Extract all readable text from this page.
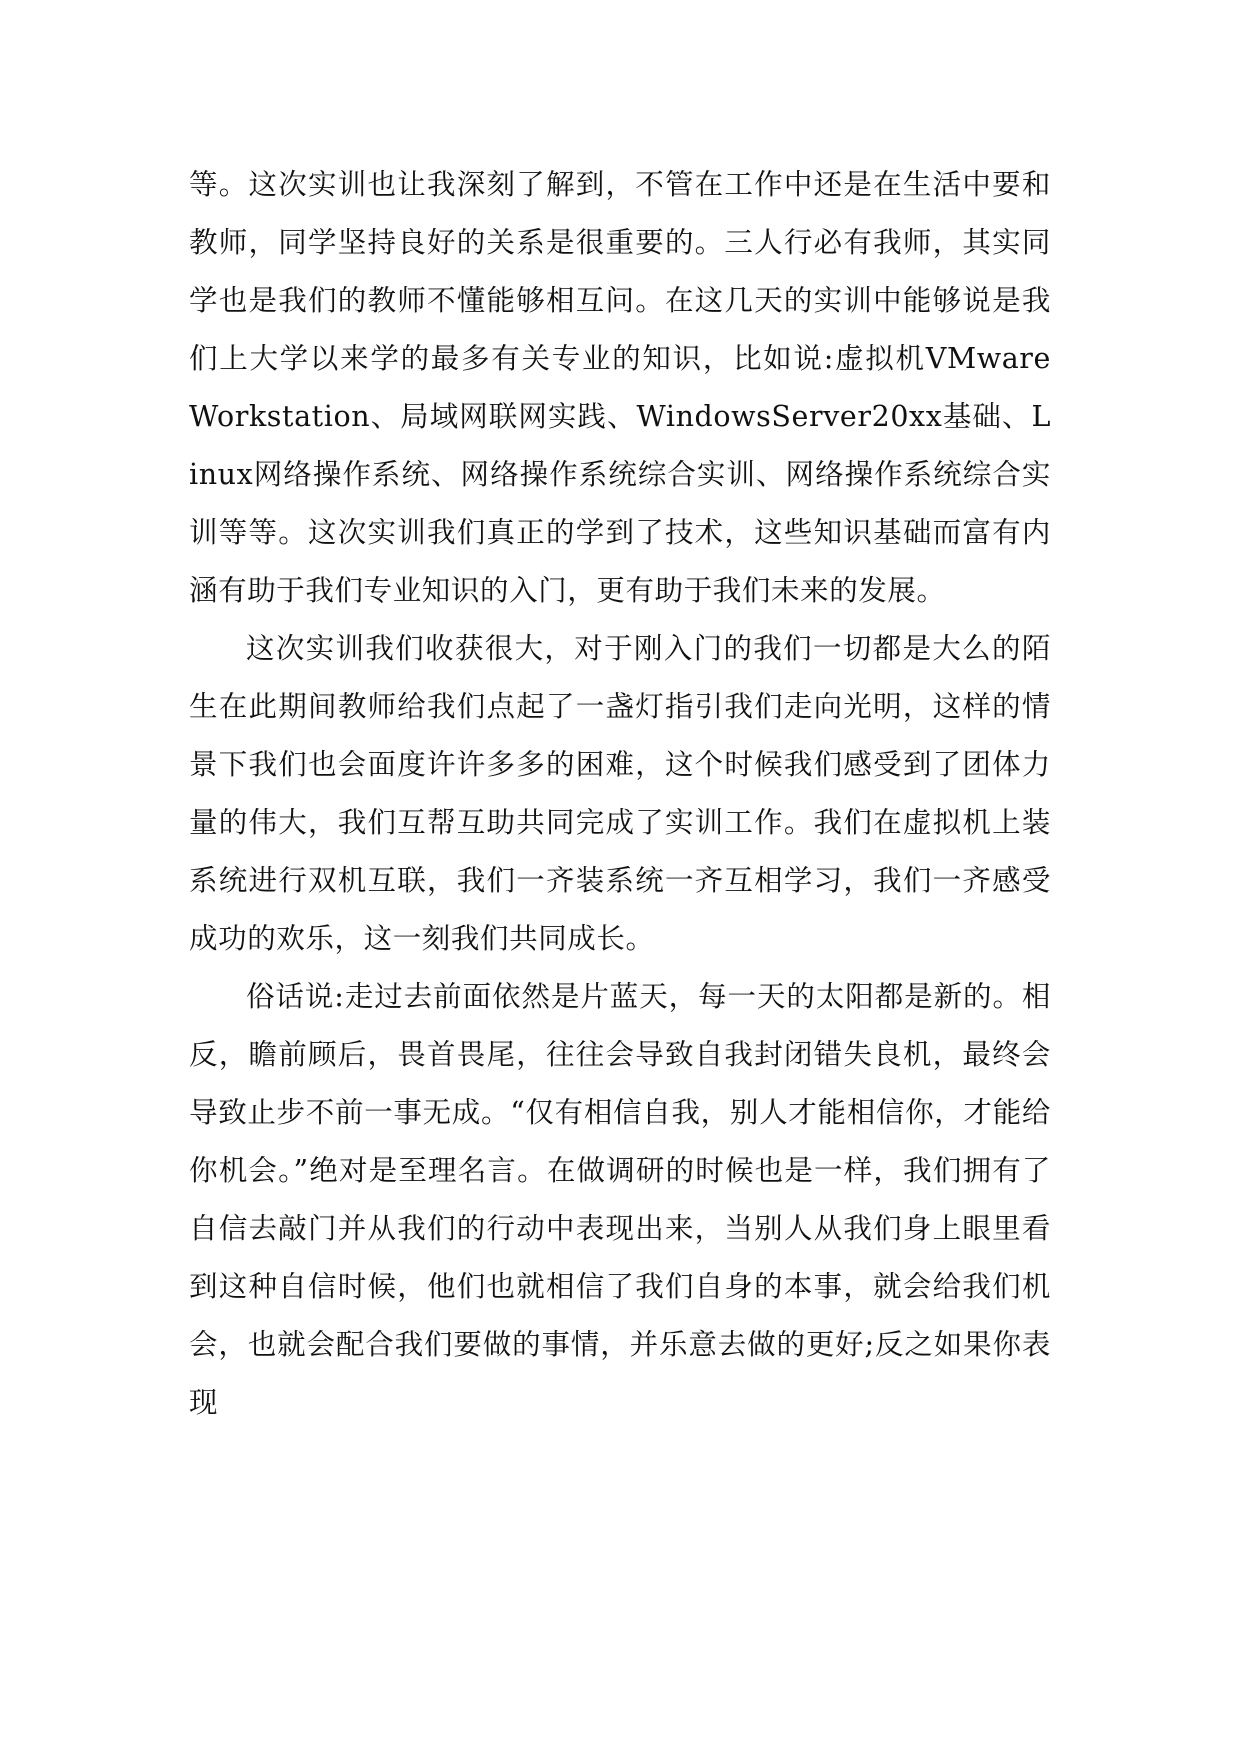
等。这次实训也让我深刻了解到，不管在工作中还是在生活中要和教师，同学坚持良好的关系是很重要的。三人行必有我师，其实同学也是我们的教师不懂能够相互问。在这几天的实训中能够说是我们上大学以来学的最多有关专业的知识，比如说:虚拟机VMwareWorkstation、局域网联网实践、WindowsServer20xx基础、Linux网络操作系统、网络操作系统综合实训、网络操作系统综合实训等等。这次实训我们真正的学到了技术，这些知识基础而富有内涵有助于我们专业知识的入门，更有助于我们未来的发展。

这次实训我们收获很大，对于刚入门的我们一切都是大么的陌生在此期间教师给我们点起了一盏灯指引我们走向光明，这样的情景下我们也会面度许许多多的困难，这个时候我们感受到了团体力量的伟大，我们互帮互助共同完成了实训工作。我们在虚拟机上装系统进行双机互联，我们一齐装系统一齐互相学习，我们一齐感受成功的欢乐，这一刻我们共同成长。

俗话说:走过去前面依然是片蓝天，每一天的太阳都是新的。相反，瞻前顾后，畏首畏尾，往往会导致自我封闭错失良机，最终会导致止步不前一事无成。“仅有相信自我，别人才能相信你，才能给你机会。”绝对是至理名言。在做调研的时候也是一样，我们拥有了自信去敲门并从我们的行动中表现出来，当别人从我们身上眼里看到这种自信时候，他们也就相信了我们自身的本事，就会给我们机会，也就会配合我们要做的事情，并乐意去做的更好;反之如果你表现
